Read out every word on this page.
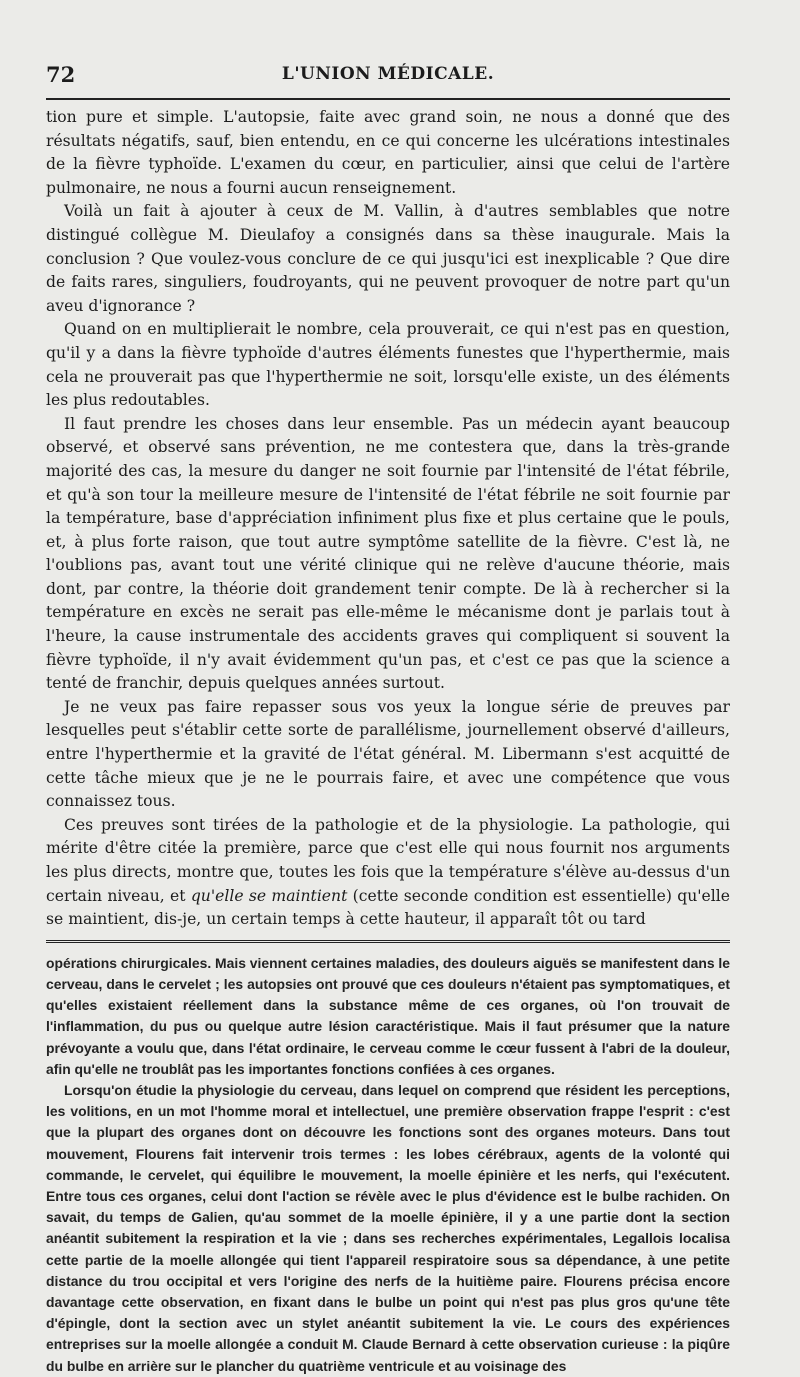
72	L'UNION MÉDICALE.

tion pure et simple. L'autopsie, faite avec grand soin, ne nous a donné que des résultats négatifs, sauf, bien entendu, en ce qui concerne les ulcérations intestinales de la fièvre typhoïde. L'examen du cœur, en particulier, ainsi que celui de l'artère pulmonaire, ne nous a fourni aucun renseignement.

Voilà un fait à ajouter à ceux de M. Vallin, à d'autres semblables que notre distingué collègue M. Dieulafoy a consignés dans sa thèse inaugurale. Mais la conclusion ? Que voulez-vous conclure de ce qui jusqu'ici est inexplicable ? Que dire de faits rares, singuliers, foudroyants, qui ne peuvent provoquer de notre part qu'un aveu d'ignorance ?

Quand on en multiplierait le nombre, cela prouverait, ce qui n'est pas en question, qu'il y a dans la fièvre typhoïde d'autres éléments funestes que l'hyperthermie, mais cela ne prouverait pas que l'hyperthermie ne soit, lorsqu'elle existe, un des éléments les plus redoutables.

Il faut prendre les choses dans leur ensemble. Pas un médecin ayant beaucoup observé, et observé sans prévention, ne me contestera que, dans la très-grande majorité des cas, la mesure du danger ne soit fournie par l'intensité de l'état fébrile, et qu'à son tour la meilleure mesure de l'intensité de l'état fébrile ne soit fournie par la température, base d'appréciation infiniment plus fixe et plus certaine que le pouls, et, à plus forte raison, que tout autre symptôme satellite de la fièvre. C'est là, ne l'oublions pas, avant tout une vérité clinique qui ne relève d'aucune théorie, mais dont, par contre, la théorie doit grandement tenir compte. De là à rechercher si la température en excès ne serait pas elle-même le mécanisme dont je parlais tout à l'heure, la cause instrumentale des accidents graves qui compliquent si souvent la fièvre typhoïde, il n'y avait évidemment qu'un pas, et c'est ce pas que la science a tenté de franchir, depuis quelques années surtout.

Je ne veux pas faire repasser sous vos yeux la longue série de preuves par lesquelles peut s'établir cette sorte de parallélisme, journellement observé d'ailleurs, entre l'hyperthermie et la gravité de l'état général. M. Libermann s'est acquitté de cette tâche mieux que je ne le pourrais faire, et avec une compétence que vous connaissez tous.

Ces preuves sont tirées de la pathologie et de la physiologie. La pathologie, qui mérite d'être citée la première, parce que c'est elle qui nous fournit nos arguments les plus directs, montre que, toutes les fois que la température s'élève au-dessus d'un certain niveau, et qu'elle se maintient (cette seconde condition est essentielle) qu'elle se maintient, dis-je, un certain temps à cette hauteur, il apparaît tôt ou tard

opérations chirurgicales. Mais viennent certaines maladies, des douleurs aiguës se manifestent dans le cerveau, dans le cervelet ; les autopsies ont prouvé que ces douleurs n'étaient pas symptomatiques, et qu'elles existaient réellement dans la substance même de ces organes, où l'on trouvait de l'inflammation, du pus ou quelque autre lésion caractéristique. Mais il faut présumer que la nature prévoyante a voulu que, dans l'état ordinaire, le cerveau comme le cœur fussent à l'abri de la douleur, afin qu'elle ne troublât pas les importantes fonctions confiées à ces organes.

Lorsqu'on étudie la physiologie du cerveau, dans lequel on comprend que résident les perceptions, les volitions, en un mot l'homme moral et intellectuel, une première observation frappe l'esprit : c'est que la plupart des organes dont on découvre les fonctions sont des organes moteurs. Dans tout mouvement, Flourens fait intervenir trois termes : les lobes cérébraux, agents de la volonté qui commande, le cervelet, qui équilibre le mouvement, la moelle épinière et les nerfs, qui l'exécutent. Entre tous ces organes, celui dont l'action se révèle avec le plus d'évidence est le bulbe rachiden. On savait, du temps de Galien, qu'au sommet de la moelle épinière, il y a une partie dont la section anéantit subitement la respiration et la vie ; dans ses recherches expérimentales, Legallois localisa cette partie de la moelle allongée qui tient l'appareil respiratoire sous sa dépendance, à une petite distance du trou occipital et vers l'origine des nerfs de la huitième paire. Flourens précisa encore davantage cette observation, en fixant dans le bulbe un point qui n'est pas plus gros qu'une tête d'épingle, dont la section avec un stylet anéantit subitement la vie. Le cours des expériences entreprises sur la moelle allongée a conduit M. Claude Bernard à cette observation curieuse : la piqûre du bulbe en arrière sur le plancher du quatrième ventricule et au voisinage des
